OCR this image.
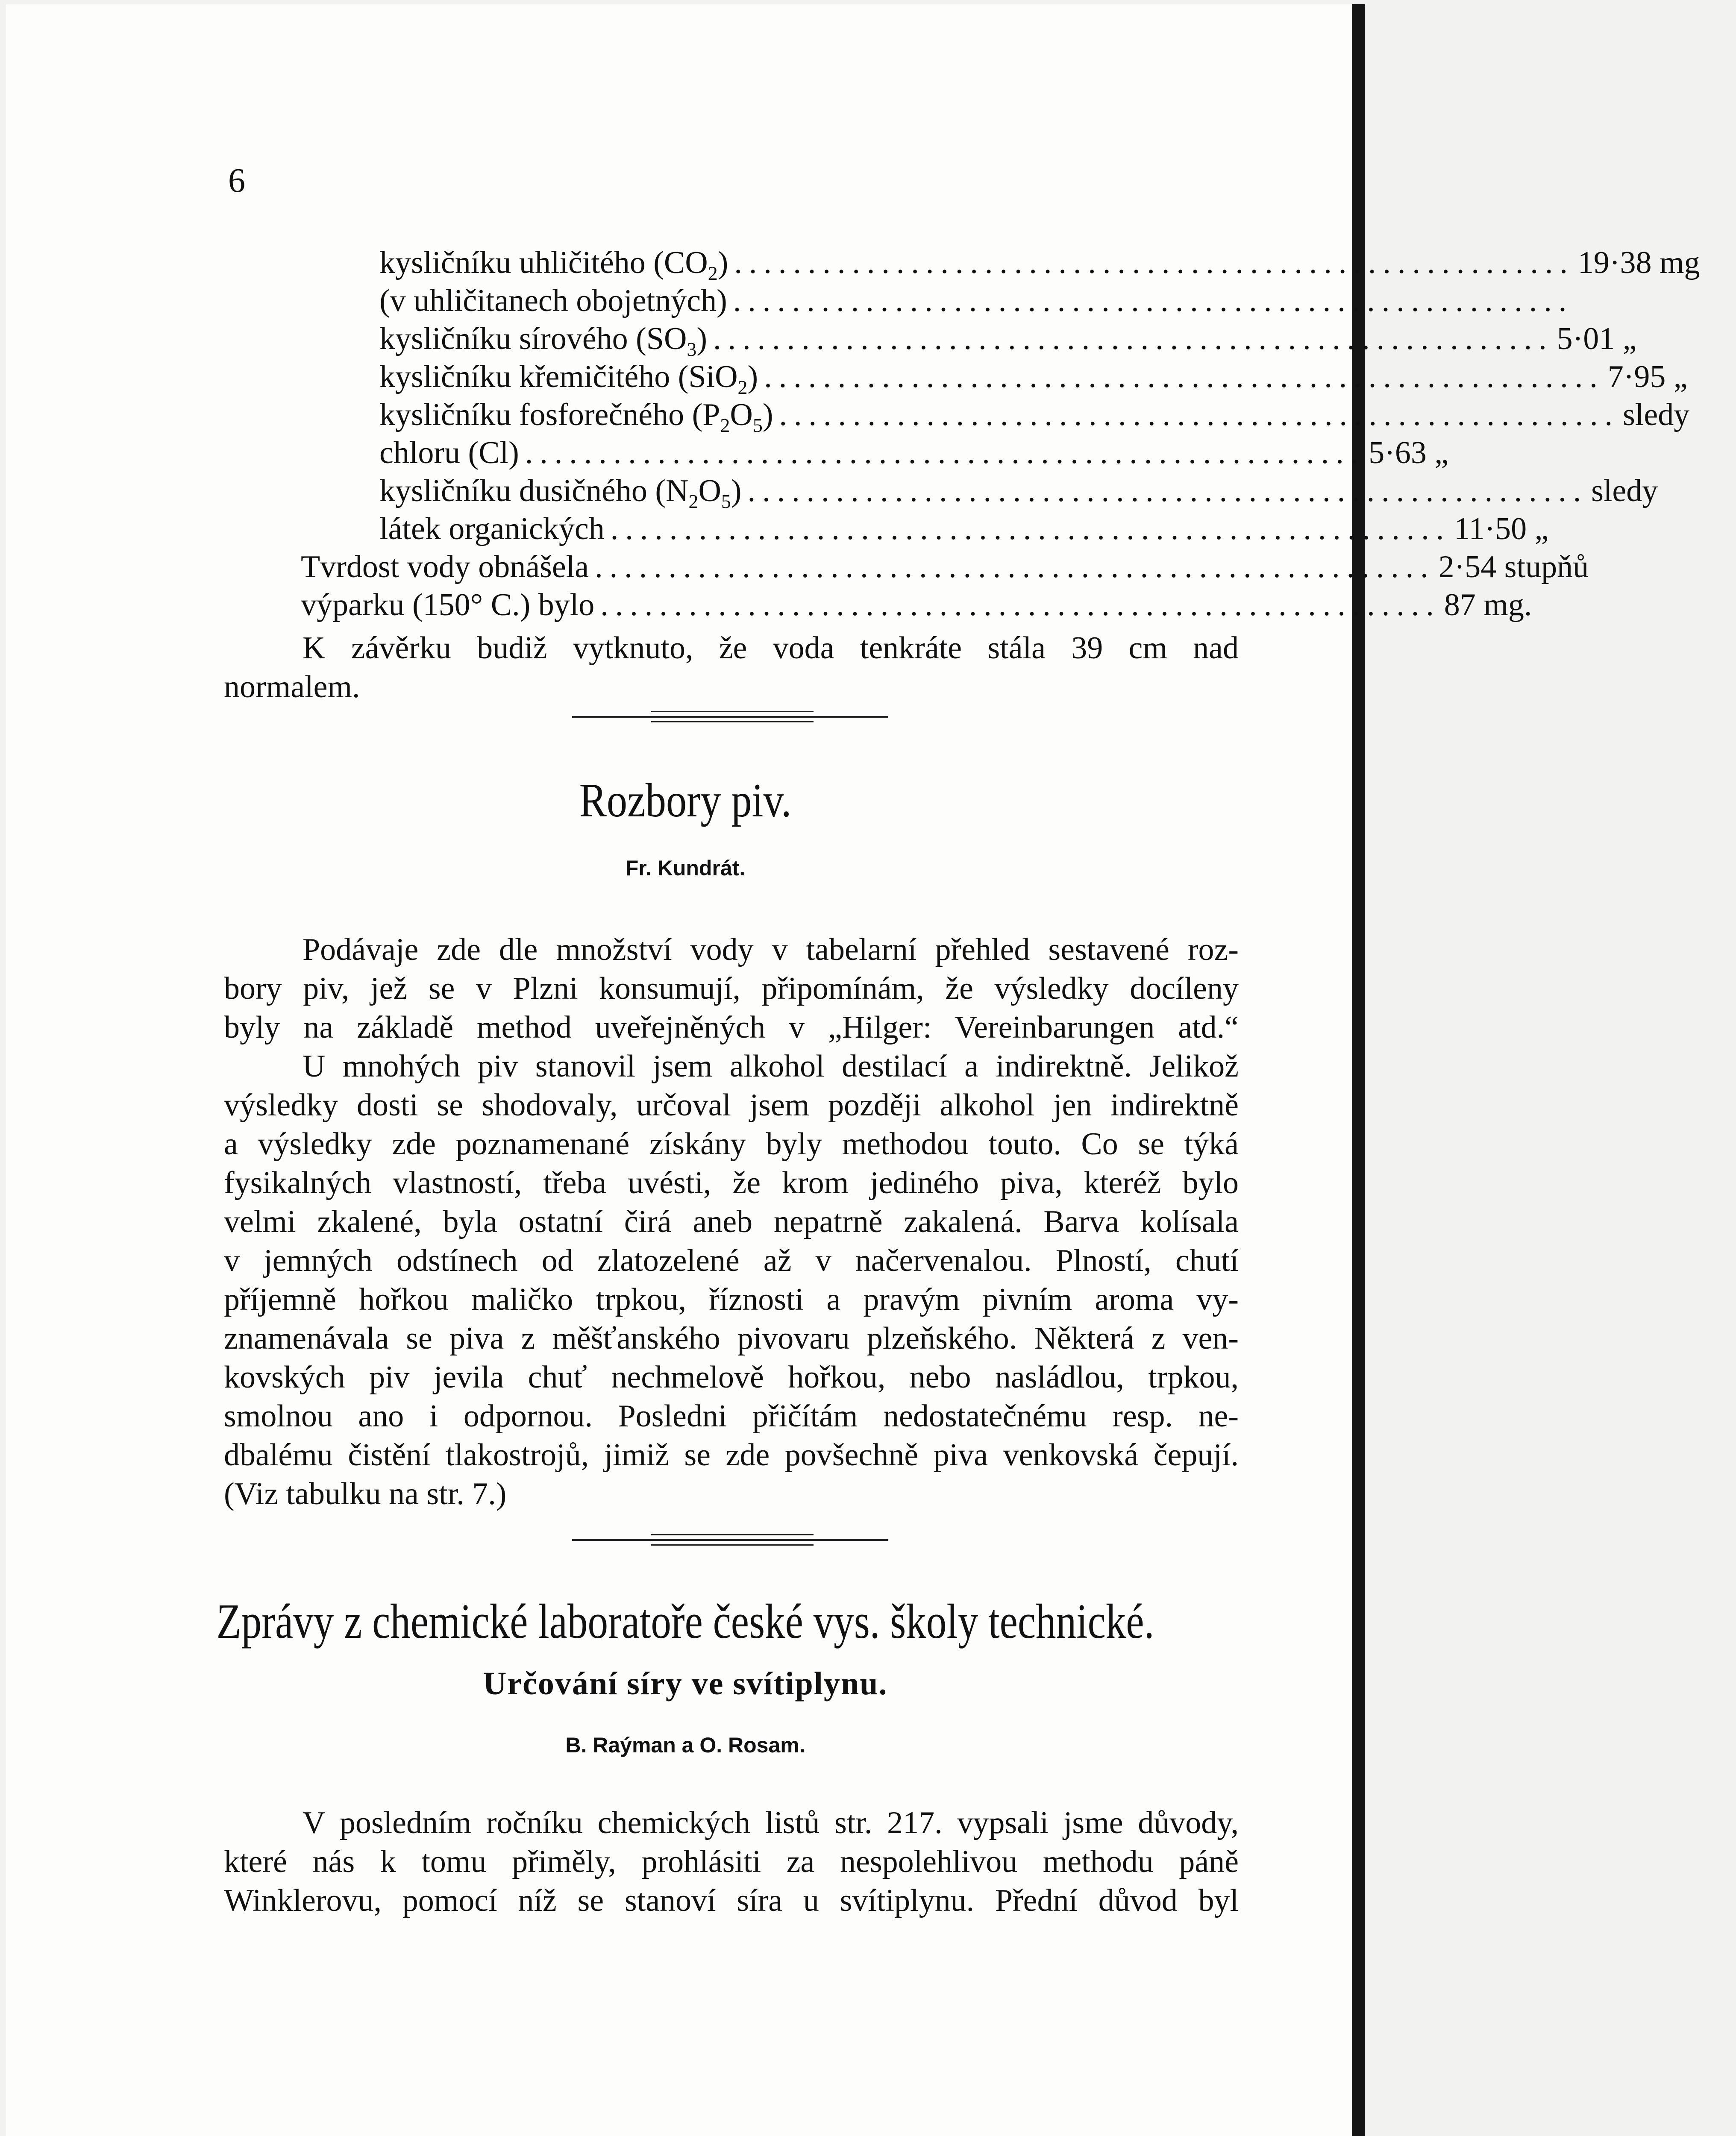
6
kysličníku uhličitého $(CO_2)$ ......................................................... 19·38 mg
(v uhličitanech obojetných) .........................................................
kysličníku sírového $(SO_3)$ ......................................................... 5·01 „
kysličníku křemičitého (SiO$_2$) ......................................................... 7·95 „
kysličníku fosforečného $(P_2O_5)$ ......................................................... sledy
chloru (Cl) ......................................................... 5·63 „
kysličníku dusičného $(N_2O_5)$ ......................................................... sledy
látek organických ......................................................... 11·50 „
Tvrdost vody obnášela ......................................................... 2·54 stupňů
výparku (150° C.) bylo ......................................................... 87 mg.
K závěrku budiž vytknuto, že voda tenkráte stála 39 cm nad
normalem.
Rozbory piv.
Fr. Kundrát.
Podávaje zde dle množství vody v tabelarní přehled sestavené roz-
bory piv, jež se v Plzni konsumují, připomínám, že výsledky docíleny
byly na základě method uveřejněných v „Hilger: Vereinbarungen atd.“
U mnohých piv stanovil jsem alkohol destilací a indirektně. Jelikož
výsledky dosti se shodovaly, určoval jsem později alkohol jen indirektně
a výsledky zde poznamenané získány byly methodou touto. Co se týká
fysikalných vlastností, třeba uvésti, že krom jediného piva, kteréž bylo
velmi zkalené, byla ostatní čirá aneb nepatrně zakalená. Barva kolísala
v jemných odstínech od zlatozelené až v načervenalou. Plností, chutí
příjemně hořkou maličko trpkou, říznosti a pravým pivním aroma vy-
znamenávala se piva z měšťanského pivovaru plzeňského. Některá z ven-
kovských piv jevila chuť nechmelově hořkou, nebo nasládlou, trpkou,
smolnou ano i odpornou. Posledni přičítám nedostatečnému resp. ne-
dbalému čistění tlakostrojů, jimiž se zde povšechně piva venkovská čepují.
(Viz tabulku na str. 7.)
Zprávy z chemické laboratoře české vys. školy technické.
Určování síry ve svítiplynu.
B. Raýman a O. Rosam.
V posledním ročníku chemických listů str. 217. vypsali jsme důvody,
které nás k tomu přiměly, prohlásiti za nespolehlivou methodu páně
Winklerovu, pomocí níž se stanoví síra u svítiplynu. Přední důvod byl
